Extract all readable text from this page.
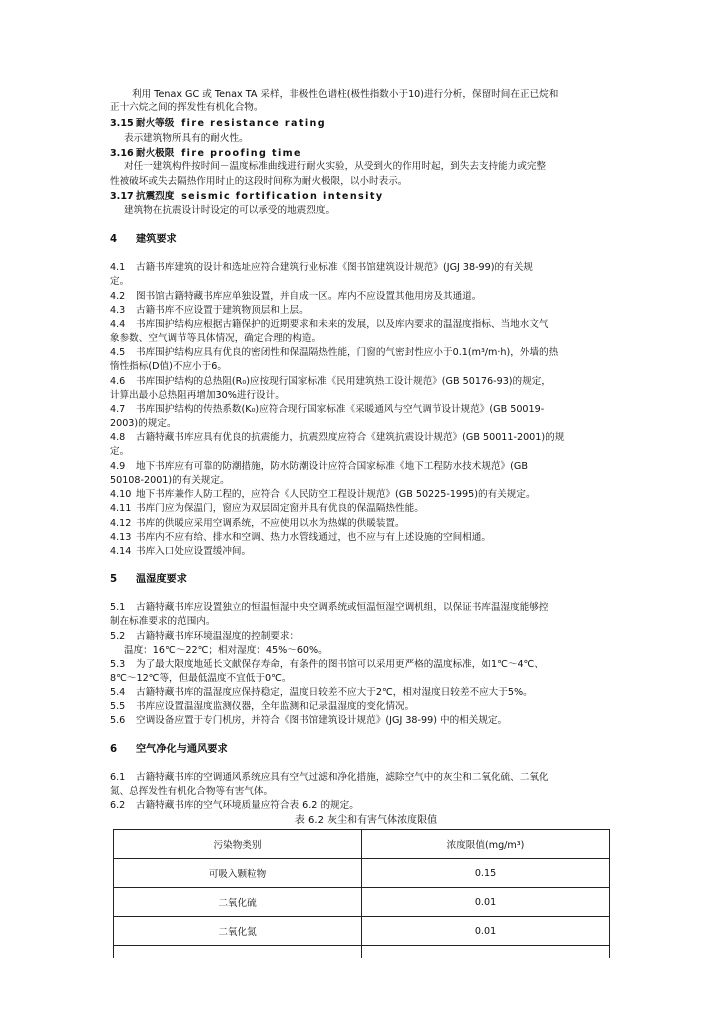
利用 Tenax GC 或 Tenax TA 采样，非极性色谱柱(极性指数小于10)进行分析，保留时间在正已烷和
正十六烷之间的挥发性有机化合物。
3.15 耐火等级 fire resistance rating
表示建筑物所具有的耐火性。
3.16 耐火极限 fire proofing time
对任一建筑构件按时间－温度标准曲线进行耐火实验，从受到火的作用时起，到失去支持能力或完整
性被破坏或失去隔热作用时止的这段时间称为耐火极限，以小时表示。
3.17 抗震烈度 seismic fortification intensity
建筑物在抗震设计时设定的可以承受的地震烈度。
4 建筑要求
4.1 古籍书库建筑的设计和选址应符合建筑行业标准《图书馆建筑设计规范》(JGJ 38-99)的有关规
定。
4.2 图书馆古籍特藏书库应单独设置，并自成一区。库内不应设置其他用房及其通道。
4.3 古籍书库不应设置于建筑物顶层和上层。
4.4 书库围护结构应根据古籍保护的近期要求和未来的发展，以及库内要求的温湿度指标、当地水文气
象参数、空气调节等具体情况，确定合理的构造。
4.5 书库围护结构应具有优良的密闭性和保温隔热性能，门窗的气密封性应小于0.1(m³/m·h)，外墙的热
惰性指标(D值)不应小于6。
4.6 书库围护结构的总热阻(R₀)应按现行国家标准《民用建筑热工设计规范》(GB 50176-93)的规定，
计算出最小总热阻再增加30%进行设计。
4.7 书库围护结构的传热系数(K₀)应符合现行国家标准《采暖通风与空气调节设计规范》(GB 50019-
2003)的规定。
4.8 古籍特藏书库应具有优良的抗震能力，抗震烈度应符合《建筑抗震设计规范》(GB 50011-2001)的规
定。
4.9 地下书库应有可靠的防潮措施，防水防潮设计应符合国家标准《地下工程防水技术规范》(GB
50108-2001)的有关规定。
4.10 地下书库兼作人防工程的，应符合《人民防空工程设计规范》(GB 50225-1995)的有关规定。
4.11 书库门应为保温门，窗应为双层固定窗并具有优良的保温隔热性能。
4.12 书库的供暖应采用空调系统，不应使用以水为热媒的供暖装置。
4.13 书库内不应有给、排水和空调、热力水管线通过，也不应与有上述设施的空间相通。
4.14 书库入口处应设置缓冲间。
5 温湿度要求
5.1 古籍特藏书库应设置独立的恒温恒湿中央空调系统或恒温恒湿空调机组，以保证书库温湿度能够控
制在标准要求的范围内。
5.2 古籍特藏书库环境温湿度的控制要求：
温度：16℃～22℃；相对湿度：45%～60%。
5.3 为了最大限度地延长文献保存寿命，有条件的图书馆可以采用更严格的温度标准，如1℃～4℃、
8℃～12℃等，但最低温度不宜低于0℃。
5.4 古籍特藏书库的温湿度应保持稳定，温度日较差不应大于2℃，相对湿度日较差不应大于5%。
5.5 书库应设置温湿度监测仪器，全年监测和记录温湿度的变化情况。
5.6 空调设备应置于专门机房，并符合《图书馆建筑设计规范》(JGJ 38-99) 中的相关规定。
6 空气净化与通风要求
6.1 古籍特藏书库的空调通风系统应具有空气过滤和净化措施，滤除空气中的灰尘和二氧化硫、二氧化
氮、总挥发性有机化合物等有害气体。
6.2 古籍特藏书库的空气环境质量应符合表 6.2 的规定。
表 6.2 灰尘和有害气体浓度限值
污染物类别	浓度限值(mg/m³)
可吸入颗粒物	0.15
二氧化硫	0.01
二氧化氮	0.01
